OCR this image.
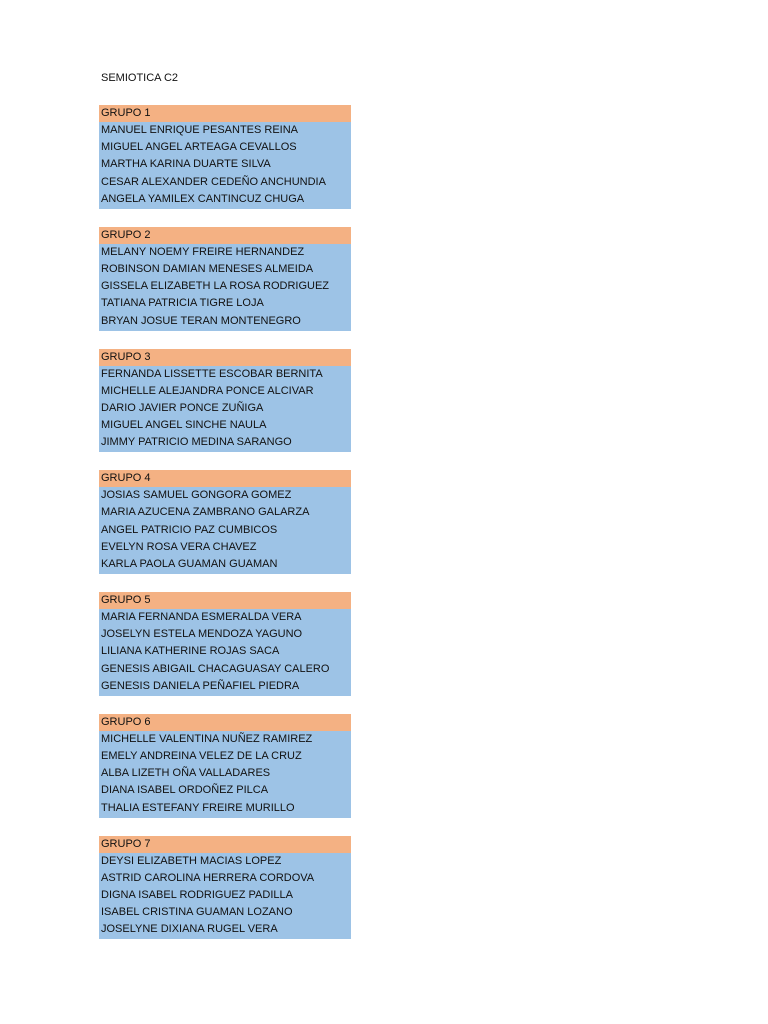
SEMIOTICA C2
GRUPO 1
MANUEL ENRIQUE PESANTES REINA
MIGUEL ANGEL ARTEAGA CEVALLOS
MARTHA KARINA DUARTE SILVA
CESAR ALEXANDER CEDEÑO ANCHUNDIA
ANGELA YAMILEX CANTINCUZ CHUGA
GRUPO 2
MELANY NOEMY FREIRE HERNANDEZ
ROBINSON DAMIAN MENESES ALMEIDA
GISSELA ELIZABETH LA ROSA RODRIGUEZ
TATIANA PATRICIA TIGRE LOJA
BRYAN JOSUE TERAN MONTENEGRO
GRUPO 3
FERNANDA LISSETTE ESCOBAR BERNITA
MICHELLE ALEJANDRA PONCE ALCIVAR
DARIO JAVIER PONCE ZUÑIGA
MIGUEL ANGEL SINCHE NAULA
JIMMY PATRICIO MEDINA SARANGO
GRUPO 4
JOSIAS SAMUEL GONGORA GOMEZ
MARIA AZUCENA ZAMBRANO GALARZA
ANGEL PATRICIO PAZ CUMBICOS
EVELYN ROSA VERA CHAVEZ
KARLA PAOLA GUAMAN GUAMAN
GRUPO 5
MARIA FERNANDA ESMERALDA VERA
JOSELYN ESTELA MENDOZA YAGUNO
LILIANA KATHERINE ROJAS SACA
GENESIS ABIGAIL CHACAGUASAY CALERO
GENESIS DANIELA PEÑAFIEL PIEDRA
GRUPO 6
MICHELLE VALENTINA NUÑEZ RAMIREZ
EMELY ANDREINA VELEZ DE LA CRUZ
ALBA LIZETH OÑA VALLADARES
DIANA ISABEL ORDOÑEZ PILCA
THALIA ESTEFANY FREIRE MURILLO
GRUPO 7
DEYSI ELIZABETH MACIAS LOPEZ
ASTRID CAROLINA HERRERA CORDOVA
DIGNA ISABEL RODRIGUEZ PADILLA
ISABEL CRISTINA GUAMAN LOZANO
JOSELYNE DIXIANA RUGEL VERA
